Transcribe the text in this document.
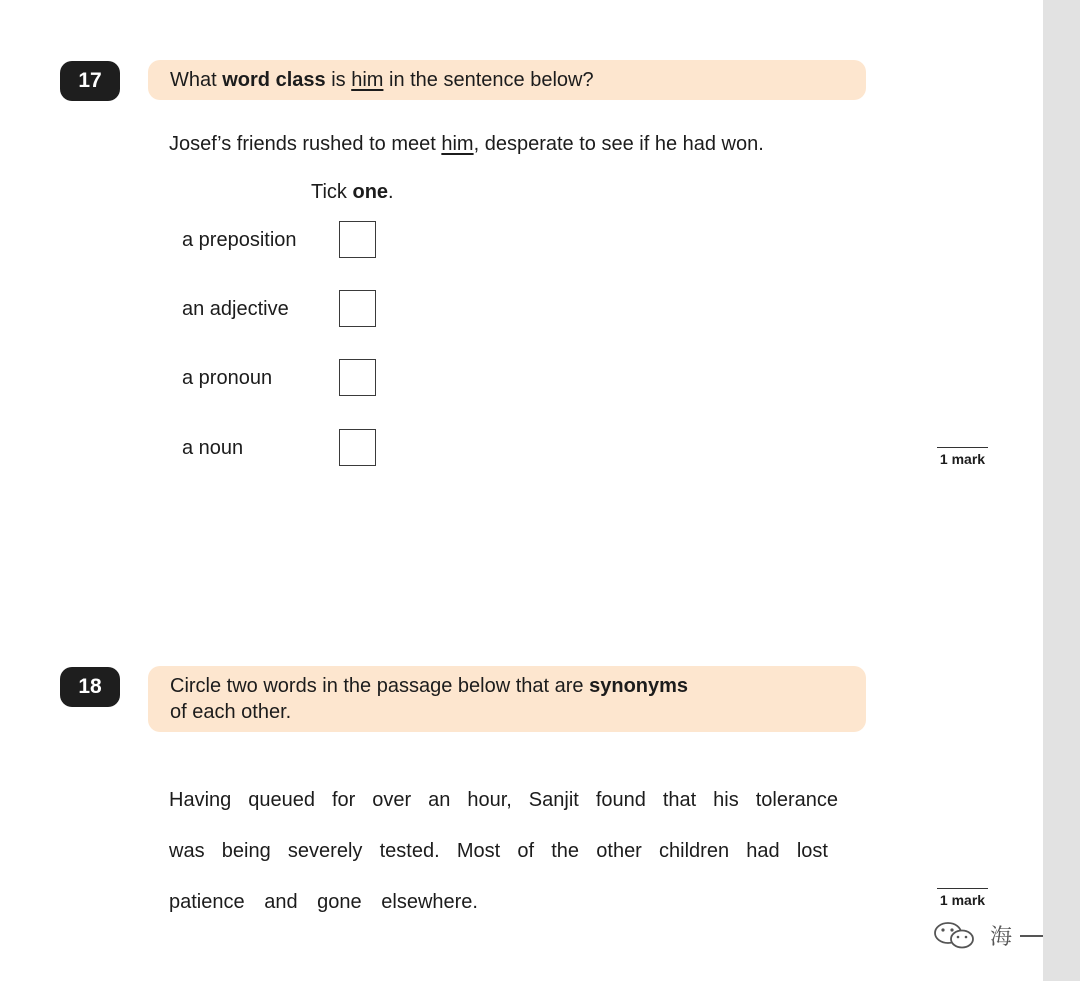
17	What word class is him in the sentence below?
Josef’s friends rushed to meet him, desperate to see if he had won.
Tick one.
a preposition
an adjective
a pronoun
a noun	1 mark
18	Circle two words in the passage below that are synonyms
of each other.
Having queued for over an hour, Sanjit found that his tolerance
was being severely tested. Most of the other children had lost
patience and gone elsewhere.	1 mark
海
